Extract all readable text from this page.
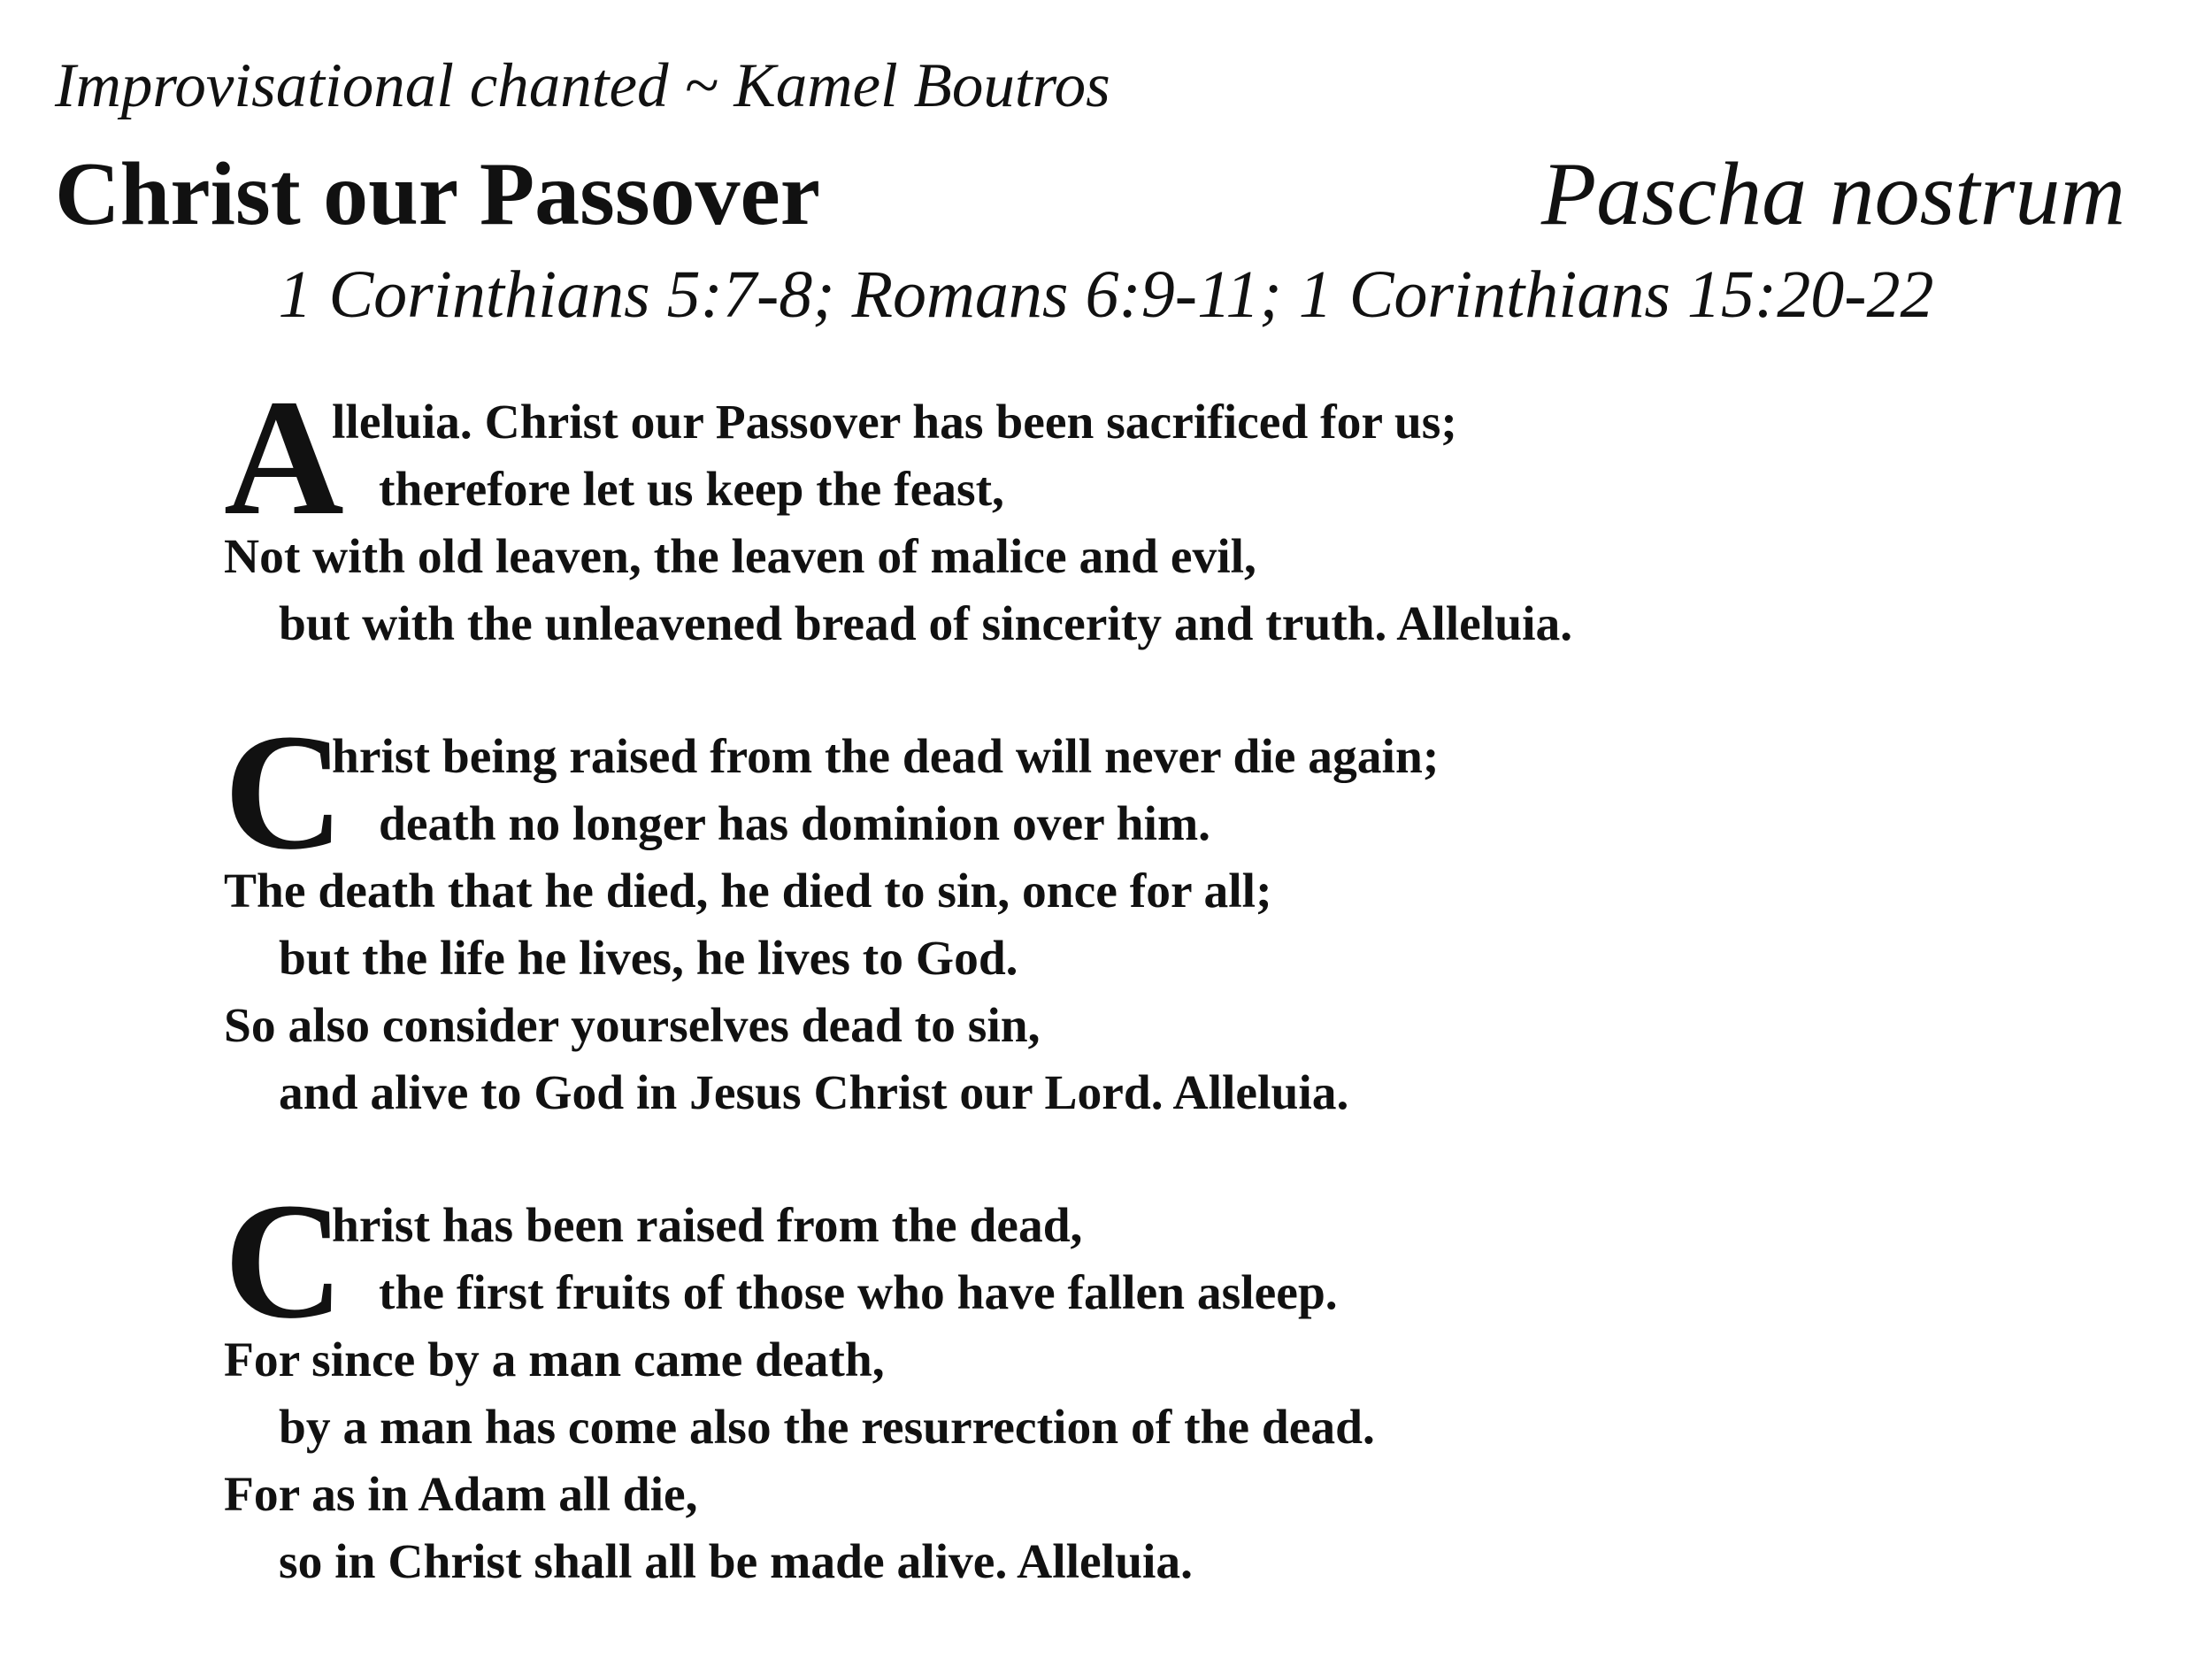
Improvisational chanted ~ Kamel Boutros
Christ our Passover	Pascha nostrum
1 Corinthians 5:7-8; Romans 6:9-11; 1 Corinthians 15:20-22
A
lleluia. Christ our Passover has been sacrificed for us;
therefore let us keep the feast,
Not with old leaven, the leaven of malice and evil,
but with the unleavened bread of sincerity and truth. Alleluia.
C
hrist being raised from the dead will never die again;
death no longer has dominion over him.
The death that he died, he died to sin, once for all;
but the life he lives, he lives to God.
So also consider yourselves dead to sin,
and alive to God in Jesus Christ our Lord. Alleluia.
C
hrist has been raised from the dead,
the first fruits of those who have fallen asleep.
For since by a man came death,
by a man has come also the resurrection of the dead.
For as in Adam all die,
so in Christ shall all be made alive. Alleluia.
